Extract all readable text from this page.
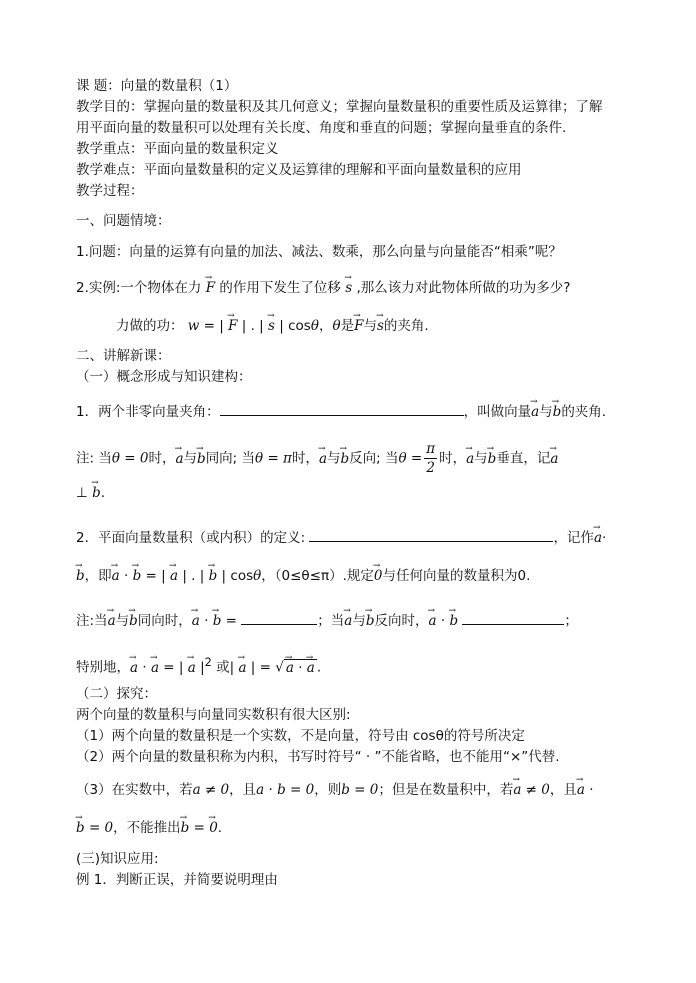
课 题：向量的数量积（1）
教学目的：掌握向量的数量积及其几何意义；掌握向量数量积的重要性质及运算律；了解
用平面向量的数量积可以处理有关长度、角度和垂直的问题；掌握向量垂直的条件.
教学重点：平面向量的数量积定义
教学难点：平面向量数量积的定义及运算律的理解和平面向量数量积的应用
教学过程：
一、问题情境：
1.问题：向量的运算有向量的加法、减法、数乘，那么向量与向量能否“相乘”呢？
2.实例:一个物体在力 → F 的作用下发生了位移 → s ,那么该力对此物体所做的功为多少?
力做的功： w = | → F | . | → s | cosθ，θ是→ F与→ s的夹角.
二、讲解新课：
（一）概念形成与知识建构：
1．两个非零向量夹角：	，叫做向量→ a与→ b的夹角.
注: 当θ = 0时，→ a与→ b同向; 当θ = π时，→ a与→ b反向; 当$\theta = \frac{\pi}{2}$ 时，→ a与→ b垂直，记→ a
⊥ → b.
2．平面向量数量积（或内积）的定义:	，记作→ a·
→ b，即→ a · → b = | → a | . | → b | cosθ，（0≤θ≤π）.规定→ 0与任何向量的数量积为0.
注:当→ a与→ b同向时，→ a · → b =	；当→ a与→ b反向时，→ a · → b	；
特别地，→ a · → a = | → a $|^2$ 或| → a | = √ → a · → a .
（二）探究：
两个向量的数量积与向量同实数积有很大区别:
（1）两个向量的数量积是一个实数，不是向量，符号由 cosθ的符号所决定
（2）两个向量的数量积称为内积，书写时符号“ · ”不能省略，也不能用“×”代替.
（3）在实数中，若a ≠ 0，且a · b = 0，则b = 0；但是在数量积中，若→ a ≠ 0，且→ a ·
→ b = 0，不能推出→ b = → 0.
(三)知识应用:
例 1．判断正误，并简要说明理由
